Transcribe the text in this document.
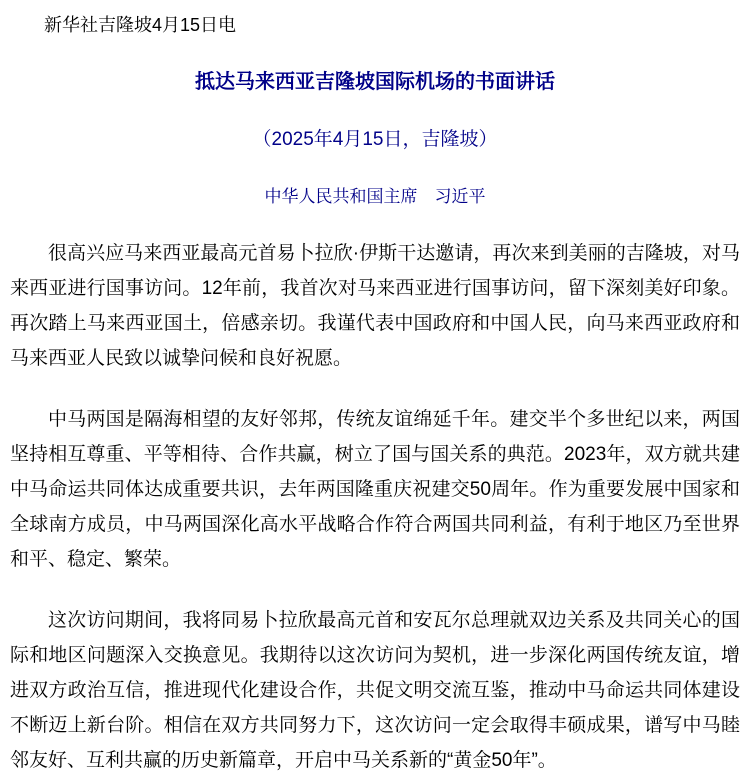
新华社吉隆坡4月15日电

抵达马来西亚吉隆坡国际机场的书面讲话

（2025年4月15日，吉隆坡）

中华人民共和国主席　习近平

很高兴应马来西亚最高元首易卜拉欣·伊斯干达邀请，再次来到美丽的吉隆坡，对马来西亚进行国事访问。12年前，我首次对马来西亚进行国事访问，留下深刻美好印象。再次踏上马来西亚国土，倍感亲切。我谨代表中国政府和中国人民，向马来西亚政府和马来西亚人民致以诚挚问候和良好祝愿。

中马两国是隔海相望的友好邻邦，传统友谊绵延千年。建交半个多世纪以来，两国坚持相互尊重、平等相待、合作共赢，树立了国与国关系的典范。2023年，双方就共建中马命运共同体达成重要共识，去年两国隆重庆祝建交50周年。作为重要发展中国家和全球南方成员，中马两国深化高水平战略合作符合两国共同利益，有利于地区乃至世界和平、稳定、繁荣。

这次访问期间，我将同易卜拉欣最高元首和安瓦尔总理就双边关系及共同关心的国际和地区问题深入交换意见。我期待以这次访问为契机，进一步深化两国传统友谊，增进双方政治互信，推进现代化建设合作，共促文明交流互鉴，推动中马命运共同体建设不断迈上新台阶。相信在双方共同努力下，这次访问一定会取得丰硕成果，谱写中马睦邻友好、互利共赢的历史新篇章，开启中马关系新的“黄金50年”。
